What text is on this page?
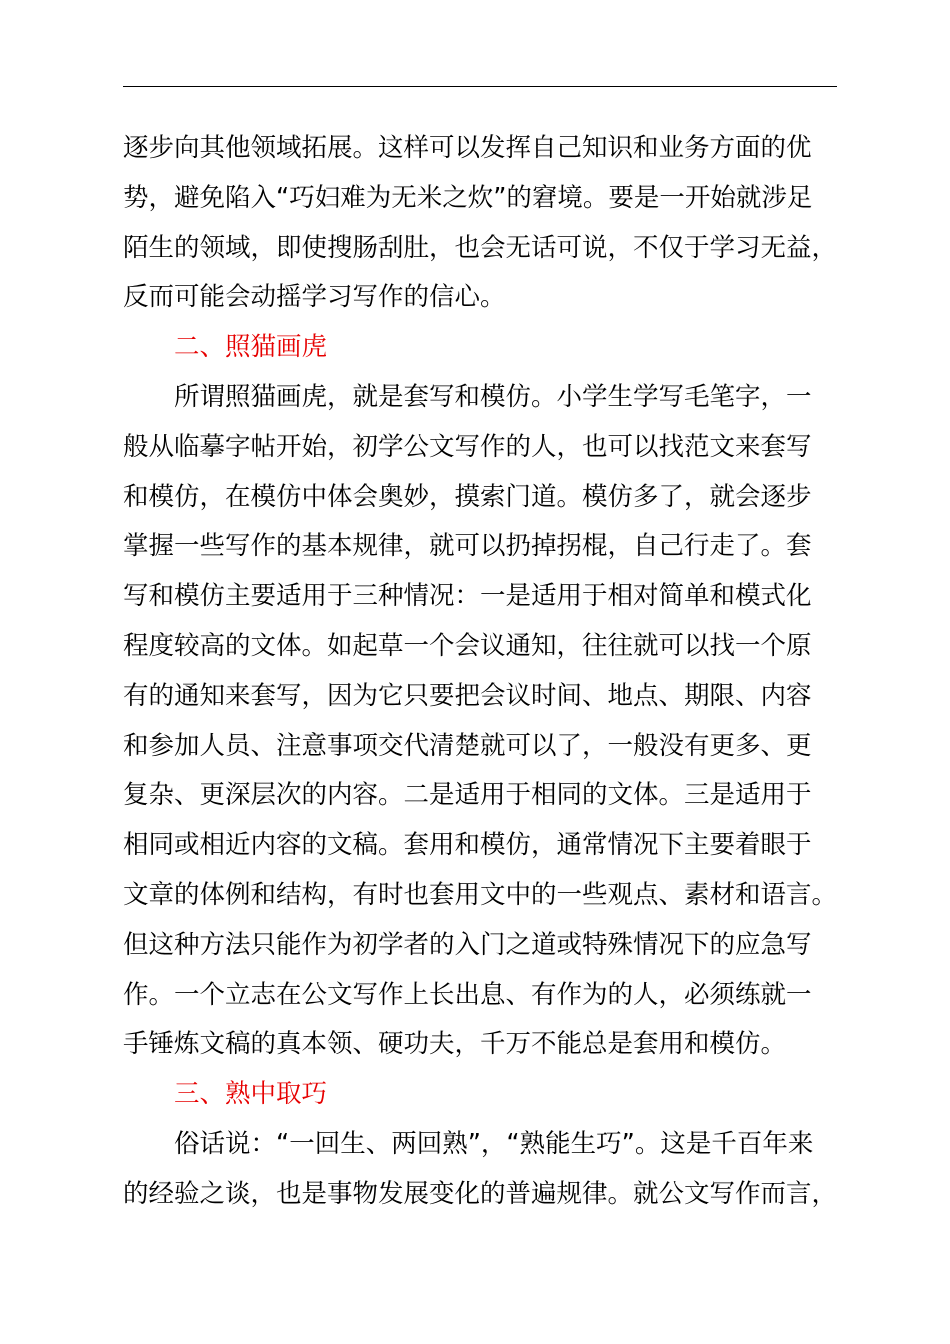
逐步向其他领域拓展。这样可以发挥自己知识和业务方面的优
势，避免陷入“巧妇难为无米之炊”的窘境。要是一开始就涉足
陌生的领域，即使搜肠刮肚，也会无话可说，不仅于学习无益，
反而可能会动摇学习写作的信心。
二、照猫画虎
所谓照猫画虎，就是套写和模仿。小学生学写毛笔字，一
般从临摹字帖开始，初学公文写作的人，也可以找范文来套写
和模仿，在模仿中体会奥妙，摸索门道。模仿多了，就会逐步
掌握一些写作的基本规律，就可以扔掉拐棍，自己行走了。套
写和模仿主要适用于三种情况：一是适用于相对简单和模式化
程度较高的文体。如起草一个会议通知，往往就可以找一个原
有的通知来套写，因为它只要把会议时间、地点、期限、内容
和参加人员、注意事项交代清楚就可以了，一般没有更多、更
复杂、更深层次的内容。二是适用于相同的文体。三是适用于
相同或相近内容的文稿。套用和模仿，通常情况下主要着眼于
文章的体例和结构，有时也套用文中的一些观点、素材和语言。
但这种方法只能作为初学者的入门之道或特殊情况下的应急写
作。一个立志在公文写作上长出息、有作为的人，必须练就一
手锤炼文稿的真本领、硬功夫，千万不能总是套用和模仿。
三、熟中取巧
俗话说：“一回生、两回熟”，“熟能生巧”。这是千百年来
的经验之谈，也是事物发展变化的普遍规律。就公文写作而言，
